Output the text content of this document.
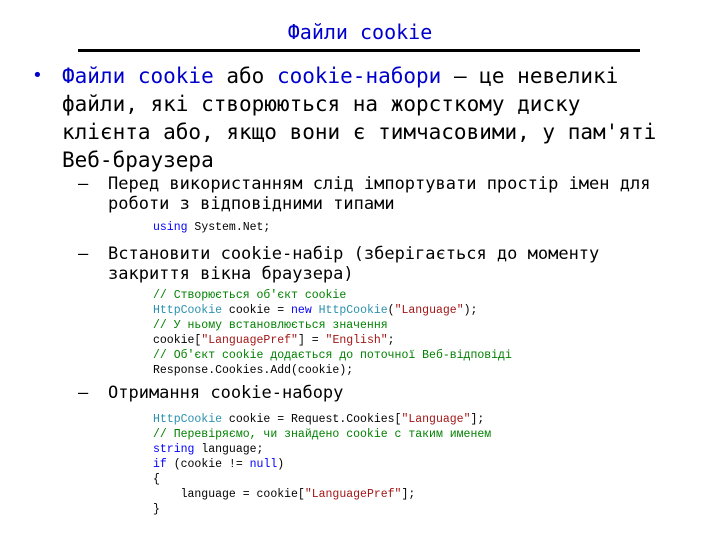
Файли cookie
• Файли cookie або cookie-набори – це невеликі файли, які створюються на жорсткому диску клієнта або, якщо вони є тимчасовими, у пам'яті Веб-браузера
– Перед використанням слід імпортувати простір імен для роботи з відповідними типами
using System.Net;
– Встановити cookie-набір (зберігається до моменту закриття вікна браузера)
// Створюється об'єкт cookie
HttpCookie cookie = new HttpCookie("Language");
// У ньому встановлюється значення
cookie["LanguagePref"] = "English";
// Об'єкт cookie додається до поточної Веб-відповіді
Response.Cookies.Add(cookie);
– Отримання cookie-набору
HttpCookie cookie = Request.Cookies["Language"];
// Перевіряємо, чи знайдено cookie с таким именем
string language;
if (cookie != null)
{
language = cookie["LanguagePref"];
}
